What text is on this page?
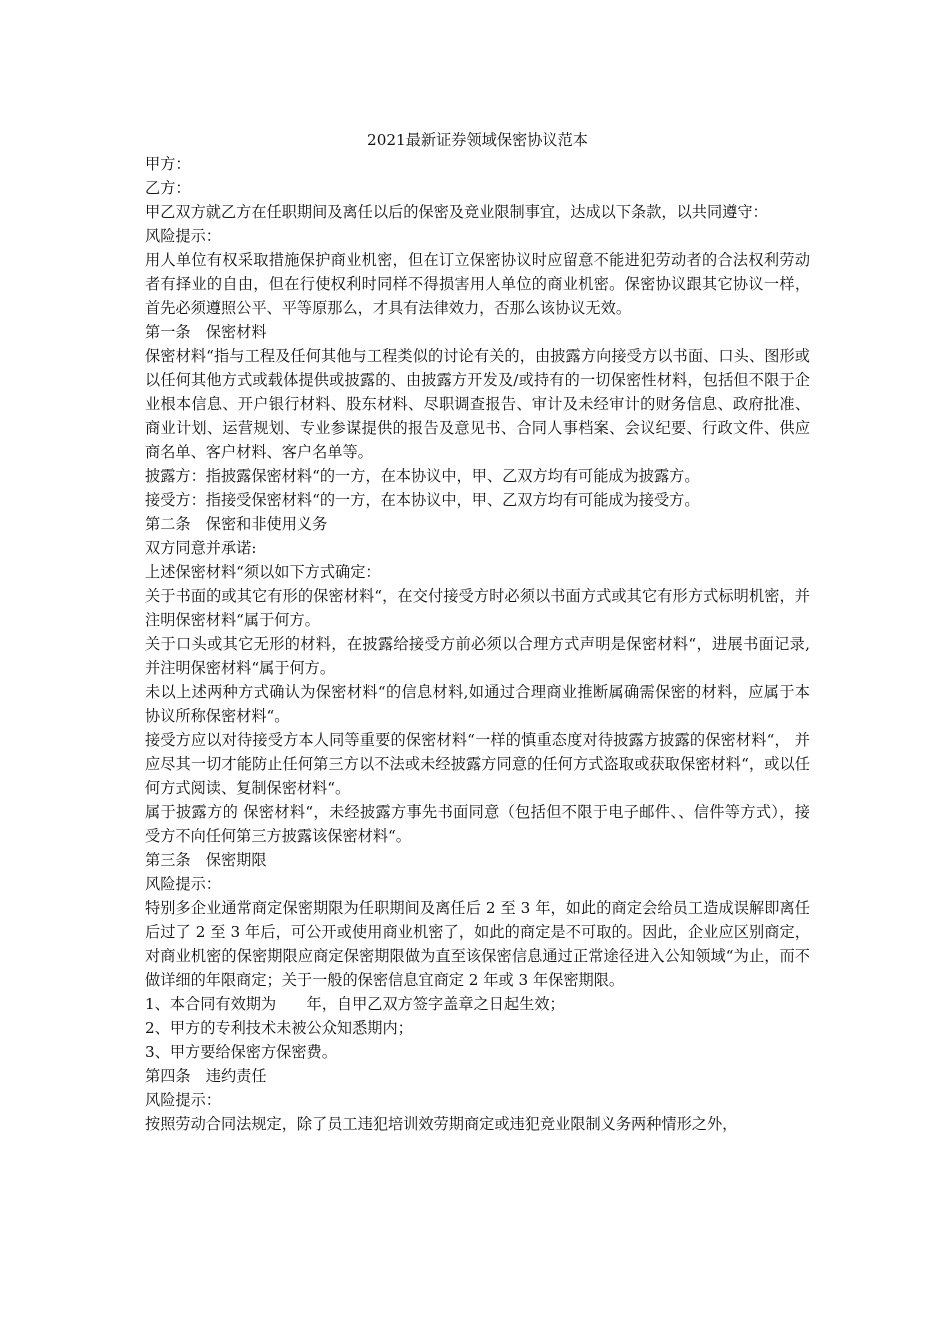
2021最新证券领域保密协议范本

甲方：

乙方：

甲乙双方就乙方在任职期间及离任以后的保密及竞业限制事宜，达成以下条款，以共同遵守：

风险提示：

用人单位有权采取措施保护商业机密，但在订立保密协议时应留意不能进犯劳动者的合法权利劳动者有择业的自由，但在行使权利时同样不得损害用人单位的商业机密。保密协议跟其它协议一样，首先必须遵照公平、平等原那么，才具有法律效力，否那么该协议无效。

第一条　保密材料

保密材料“指与工程及任何其他与工程类似的讨论有关的，由披露方向接受方以书面、口头、图形或以任何其他方式或载体提供或披露的、由披露方开发及/或持有的一切保密性材料，包括但不限于企业根本信息、开户银行材料、股东材料、尽职调查报告、审计及未经审计的财务信息、政府批准、商业计划、运营规划、专业参谋提供的报告及意见书、合同人事档案、会议纪要、行政文件、供应商名单、客户材料、客户名单等。

披露方：指披露保密材料“的一方，在本协议中，甲、乙双方均有可能成为披露方。

接受方：指接受保密材料“的一方，在本协议中，甲、乙双方均有可能成为接受方。

第二条　保密和非使用义务

双方同意并承诺:

上述保密材料“须以如下方式确定：

关于书面的或其它有形的保密材料“，在交付接受方时必须以书面方式或其它有形方式标明机密，并注明保密材料“属于何方。

关于口头或其它无形的材料，在披露给接受方前必须以合理方式声明是保密材料“，进展书面记录, 并注明保密材料“属于何方。

未以上述两种方式确认为保密材料“的信息材料,如通过合理商业推断属确需保密的材料，应属于本协议所称保密材料“。

接受方应以对待接受方本人同等重要的保密材料“一样的慎重态度对待披露方披露的保密材料“， 并应尽其一切才能防止任何第三方以不法或未经披露方同意的任何方式盗取或获取保密材料“，或以任何方式阅读、复制保密材料“。

属于披露方的 保密材料“，未经披露方事先书面同意（包括但不限于电子邮件、、信件等方式），接受方不向任何第三方披露该保密材料“。

第三条　保密期限

风险提示：

特别多企业通常商定保密期限为任职期间及离任后 2 至 3 年，如此的商定会给员工造成误解即离任后过了 2 至 3 年后，可公开或使用商业机密了，如此的商定是不可取的。因此，企业应区别商定，对商业机密的保密期限应商定保密期限做为直至该保密信息通过正常途径进入公知领域“为止，而不做详细的年限商定；关于一般的保密信息宜商定 2 年或 3 年保密期限。

1、本合同有效期为　　年，自甲乙双方签字盖章之日起生效；

2、甲方的专利技术未被公众知悉期内；

3、甲方要给保密方保密费。

第四条　违约责任

风险提示：

按照劳动合同法规定，除了员工违犯培训效劳期商定或违犯竞业限制义务两种情形之外，
